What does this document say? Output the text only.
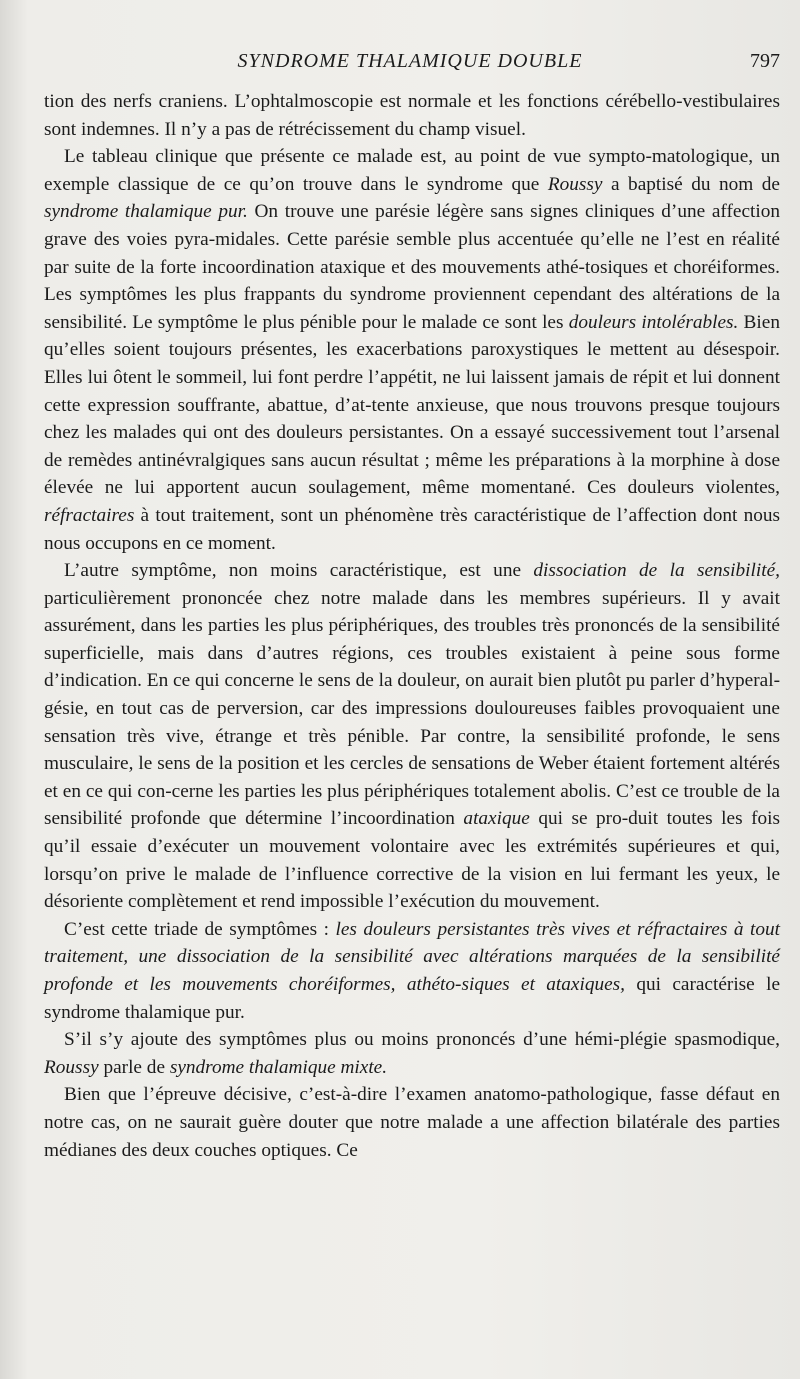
SYNDROME THALAMIQUE DOUBLE	797

tion des nerfs craniens. L’ophtalmoscopie est normale et les fonctions cérébello-vestibulaires sont indemnes. Il n’y a pas de rétrécissement du champ visuel.

Le tableau clinique que présente ce malade est, au point de vue sympto-matologique, un exemple classique de ce qu’on trouve dans le syndrome que Roussy a baptisé du nom de syndrome thalamique pur. On trouve une parésie légère sans signes cliniques d’une affection grave des voies pyra-midales. Cette parésie semble plus accentuée qu’elle ne l’est en réalité par suite de la forte incoordination ataxique et des mouvements athé-tosiques et choréiformes. Les symptômes les plus frappants du syndrome proviennent cependant des altérations de la sensibilité. Le symptôme le plus pénible pour le malade ce sont les douleurs intolérables. Bien qu’elles soient toujours présentes, les exacerbations paroxystiques le mettent au désespoir. Elles lui ôtent le sommeil, lui font perdre l’appétit, ne lui laissent jamais de répit et lui donnent cette expression souffrante, abattue, d’at-tente anxieuse, que nous trouvons presque toujours chez les malades qui ont des douleurs persistantes. On a essayé successivement tout l’arsenal de remèdes antinévralgiques sans aucun résultat ; même les préparations à la morphine à dose élevée ne lui apportent aucun soulagement, même momentané. Ces douleurs violentes, réfractaires à tout traitement, sont un phénomène très caractéristique de l’affection dont nous nous occupons en ce moment.

L’autre symptôme, non moins caractéristique, est une dissociation de la sensibilité, particulièrement prononcée chez notre malade dans les membres supérieurs. Il y avait assurément, dans les parties les plus périphériques, des troubles très prononcés de la sensibilité superficielle, mais dans d’autres régions, ces troubles existaient à peine sous forme d’indication. En ce qui concerne le sens de la douleur, on aurait bien plutôt pu parler d’hyperal-gésie, en tout cas de perversion, car des impressions douloureuses faibles provoquaient une sensation très vive, étrange et très pénible. Par contre, la sensibilité profonde, le sens musculaire, le sens de la position et les cercles de sensations de Weber étaient fortement altérés et en ce qui con-cerne les parties les plus périphériques totalement abolis. C’est ce trouble de la sensibilité profonde que détermine l’incoordination ataxique qui se pro-duit toutes les fois qu’il essaie d’exécuter un mouvement volontaire avec les extrémités supérieures et qui, lorsqu’on prive le malade de l’influence corrective de la vision en lui fermant les yeux, le désoriente complètement et rend impossible l’exécution du mouvement.

C’est cette triade de symptômes : les douleurs persistantes très vives et réfractaires à tout traitement, une dissociation de la sensibilité avec altérations marquées de la sensibilité profonde et les mouvements choréiformes, athéto-siques et ataxiques, qui caractérise le syndrome thalamique pur.

S’il s’y ajoute des symptômes plus ou moins prononcés d’une hémi-plégie spasmodique, Roussy parle de syndrome thalamique mixte.

Bien que l’épreuve décisive, c’est-à-dire l’examen anatomo-pathologique, fasse défaut en notre cas, on ne saurait guère douter que notre malade a une affection bilatérale des parties médianes des deux couches optiques. Ce
